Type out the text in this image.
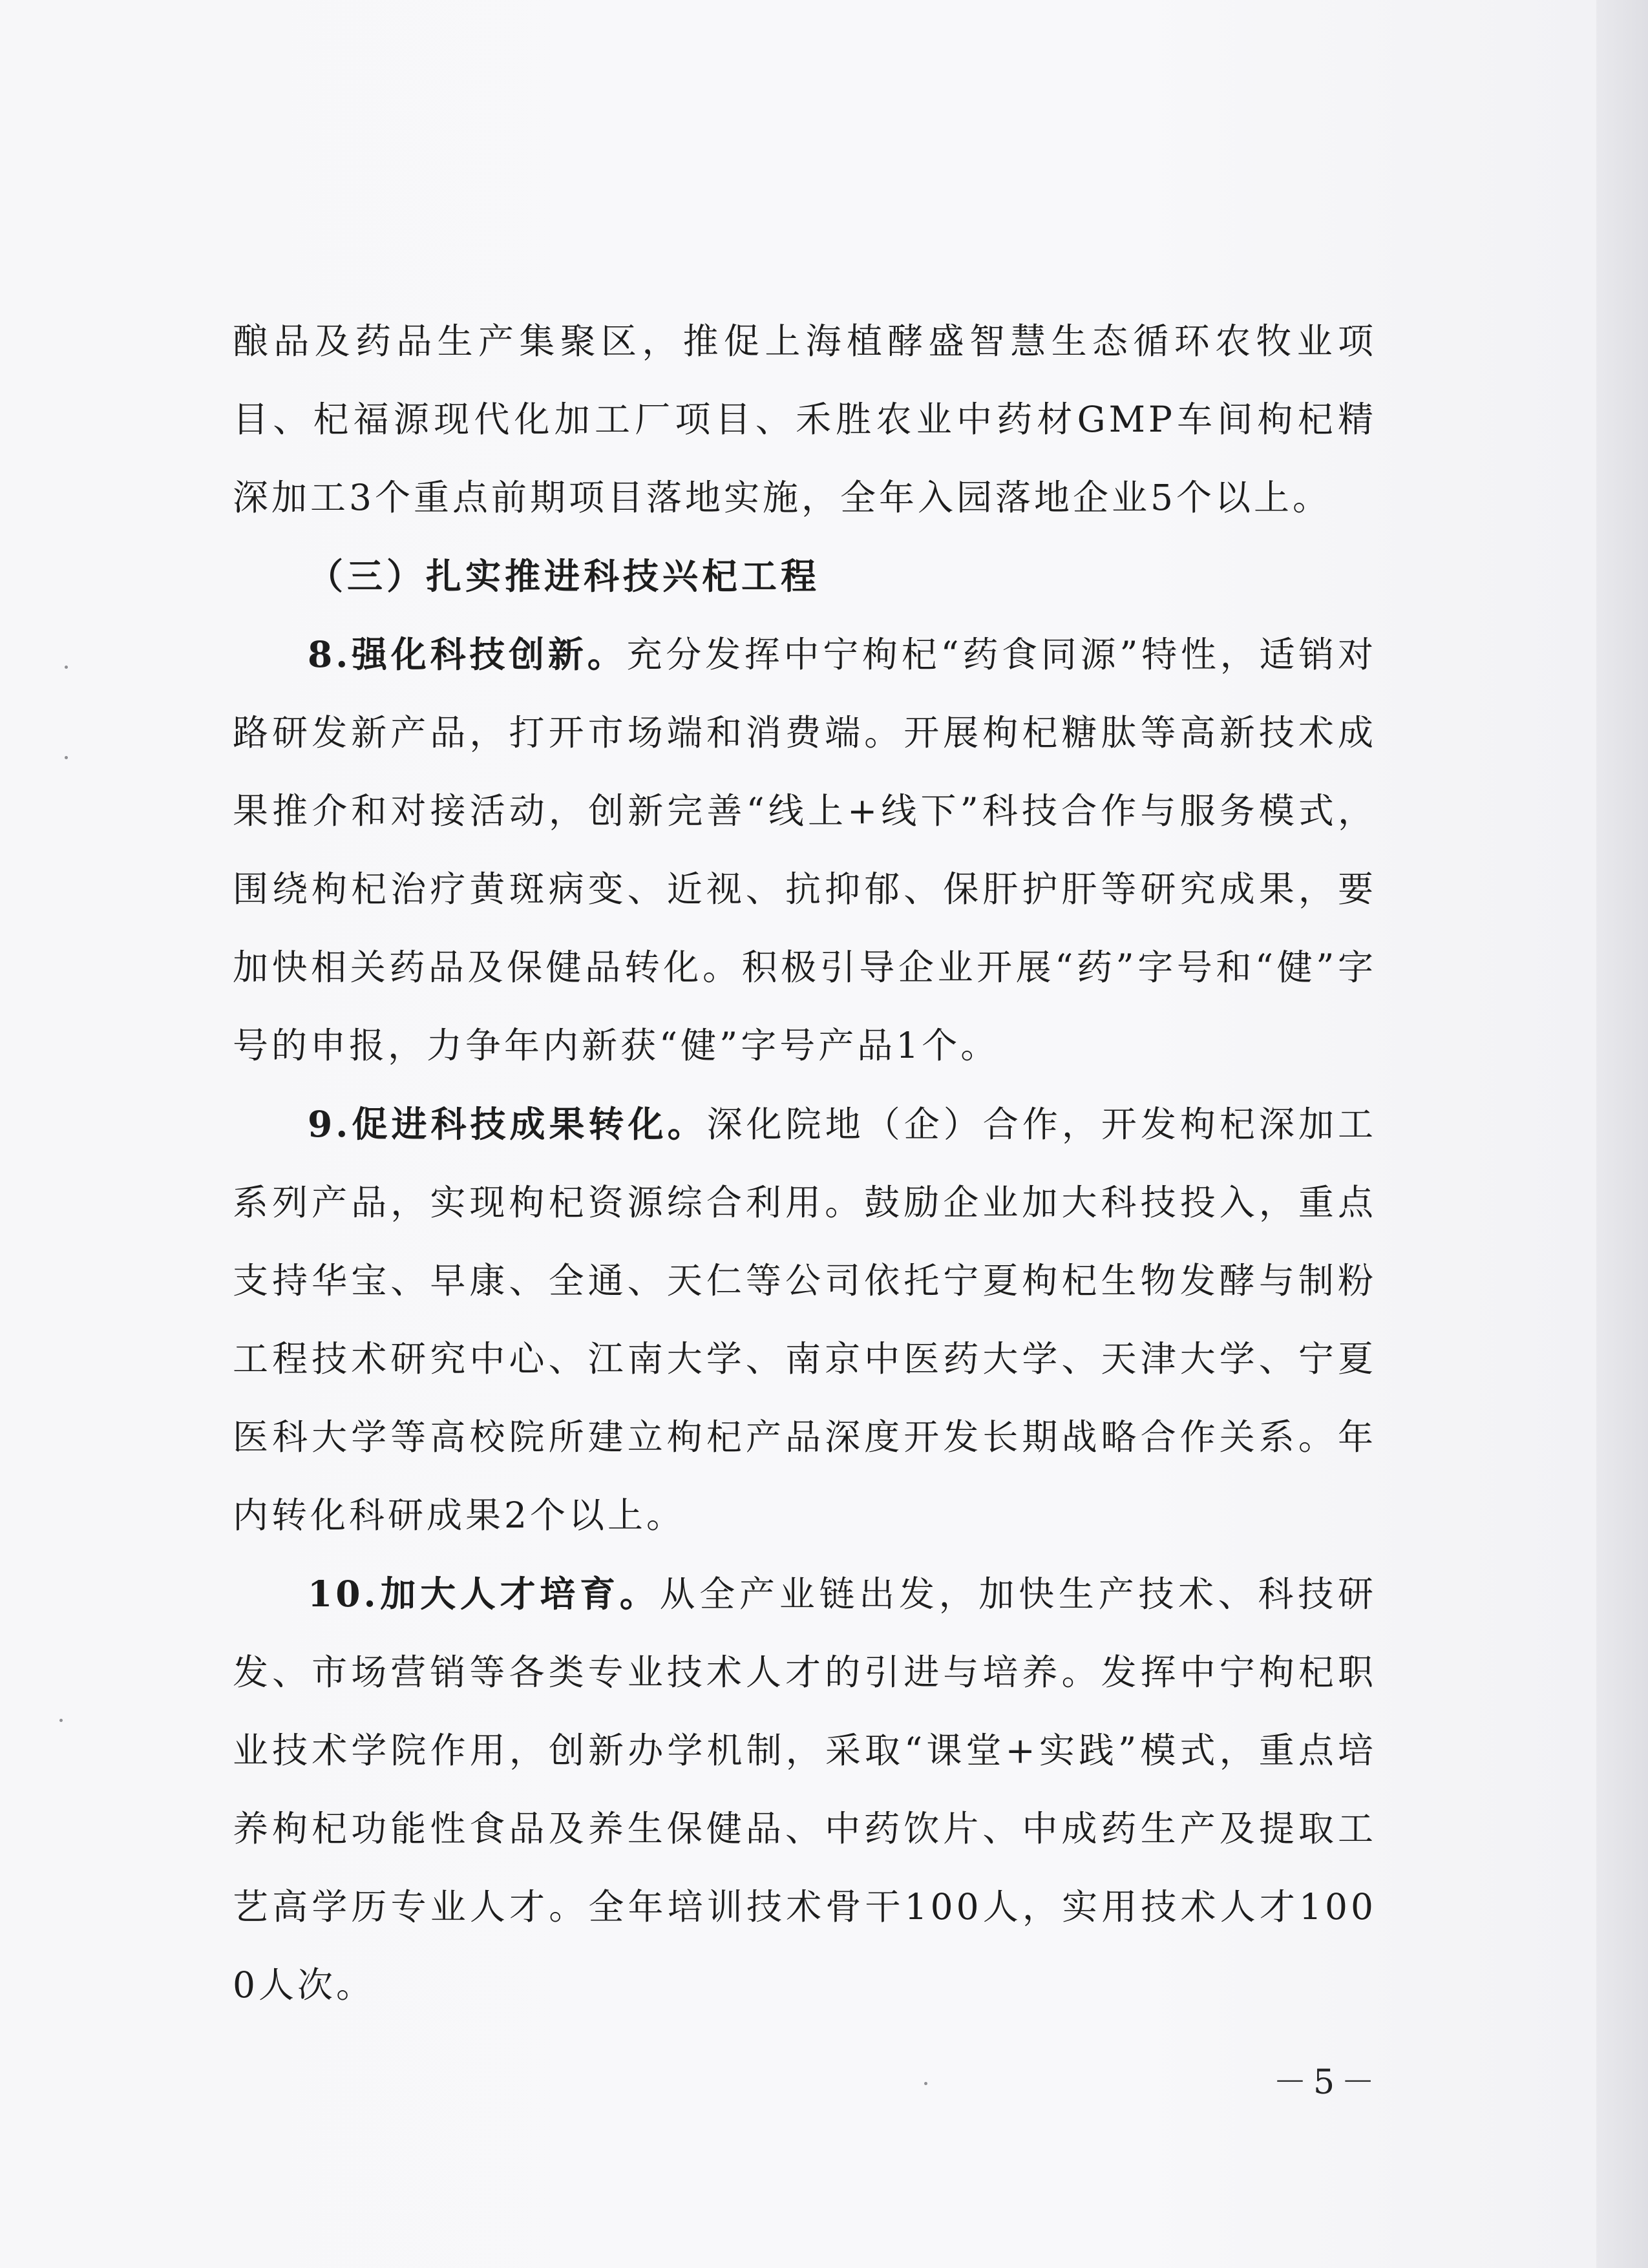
酿品及药品生产集聚区，推促上海植酵盛智慧生态循环农牧业项目、杞福源现代化加工厂项目、禾胜农业中药材GMP车间枸杞精深加工3个重点前期项目落地实施，全年入园落地企业5个以上。

（三）扎实推进科技兴杞工程

8.强化科技创新。充分发挥中宁枸杞“药食同源”特性，适销对路研发新产品，打开市场端和消费端。开展枸杞糖肽等高新技术成果推介和对接活动，创新完善“线上+线下”科技合作与服务模式，围绕枸杞治疗黄斑病变、近视、抗抑郁、保肝护肝等研究成果，要加快相关药品及保健品转化。积极引导企业开展“药”字号和“健”字号的申报，力争年内新获“健”字号产品1个。

9.促进科技成果转化。深化院地（企）合作，开发枸杞深加工系列产品，实现枸杞资源综合利用。鼓励企业加大科技投入，重点支持华宝、早康、全通、天仁等公司依托宁夏枸杞生物发酵与制粉工程技术研究中心、江南大学、南京中医药大学、天津大学、宁夏医科大学等高校院所建立枸杞产品深度开发长期战略合作关系。年内转化科研成果2个以上。

10.加大人才培育。从全产业链出发，加快生产技术、科技研发、市场营销等各类专业技术人才的引进与培养。发挥中宁枸杞职业技术学院作用，创新办学机制，采取“课堂+实践”模式，重点培养枸杞功能性食品及养生保健品、中药饮片、中成药生产及提取工艺高学历专业人才。全年培训技术骨干100人，实用技术人才1000人次。

－5－
